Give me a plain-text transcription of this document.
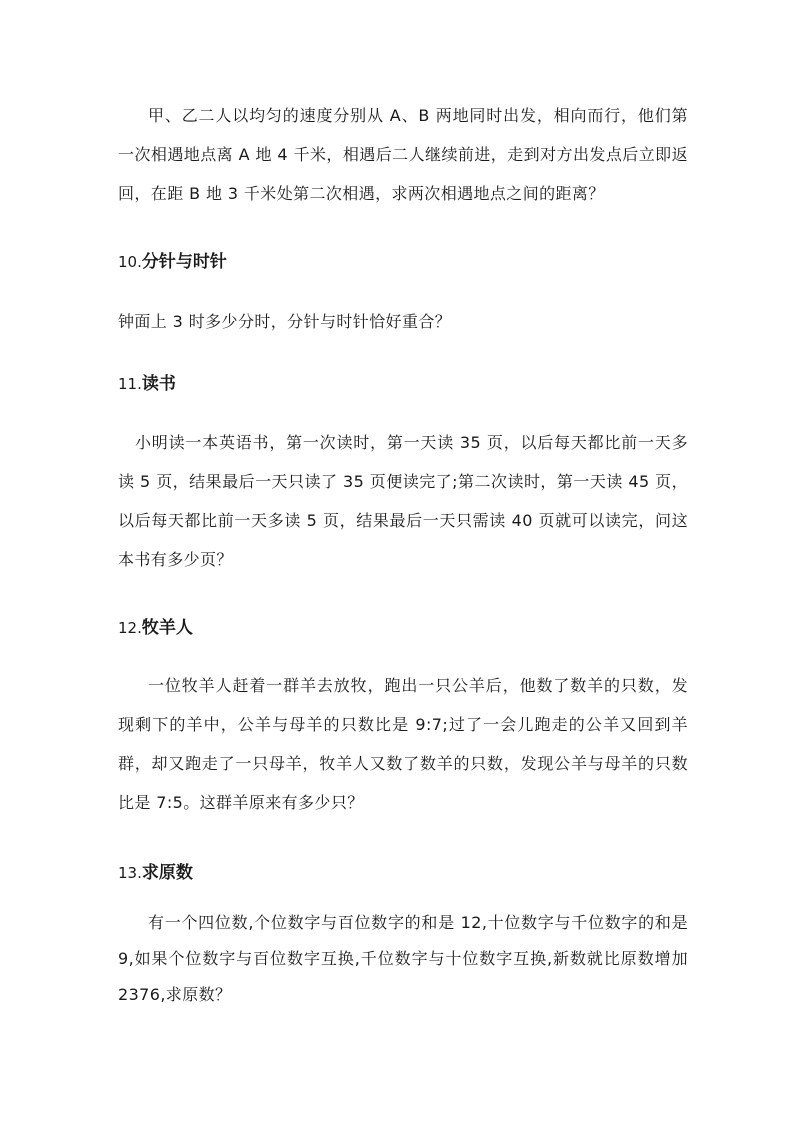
甲、乙二人以均匀的速度分别从 A、B 两地同时出发，相向而行，他们第一次相遇地点离 A 地 4 千米，相遇后二人继续前进，走到对方出发点后立即返回，在距 B 地 3 千米处第二次相遇，求两次相遇地点之间的距离？

10.分针与时针

钟面上 3 时多少分时，分针与时针恰好重合？

11.读书

小明读一本英语书，第一次读时，第一天读 35 页，以后每天都比前一天多读 5 页，结果最后一天只读了 35 页便读完了;第二次读时，第一天读 45 页，以后每天都比前一天多读 5 页，结果最后一天只需读 40 页就可以读完，问这本书有多少页？

12.牧羊人

一位牧羊人赶着一群羊去放牧，跑出一只公羊后，他数了数羊的只数，发现剩下的羊中，公羊与母羊的只数比是 9:7;过了一会儿跑走的公羊又回到羊群，却又跑走了一只母羊，牧羊人又数了数羊的只数，发现公羊与母羊的只数比是 7:5。这群羊原来有多少只？

13.求原数

有一个四位数,个位数字与百位数字的和是 12,十位数字与千位数字的和是 9,如果个位数字与百位数字互换,千位数字与十位数字互换,新数就比原数增加 2376,求原数？
